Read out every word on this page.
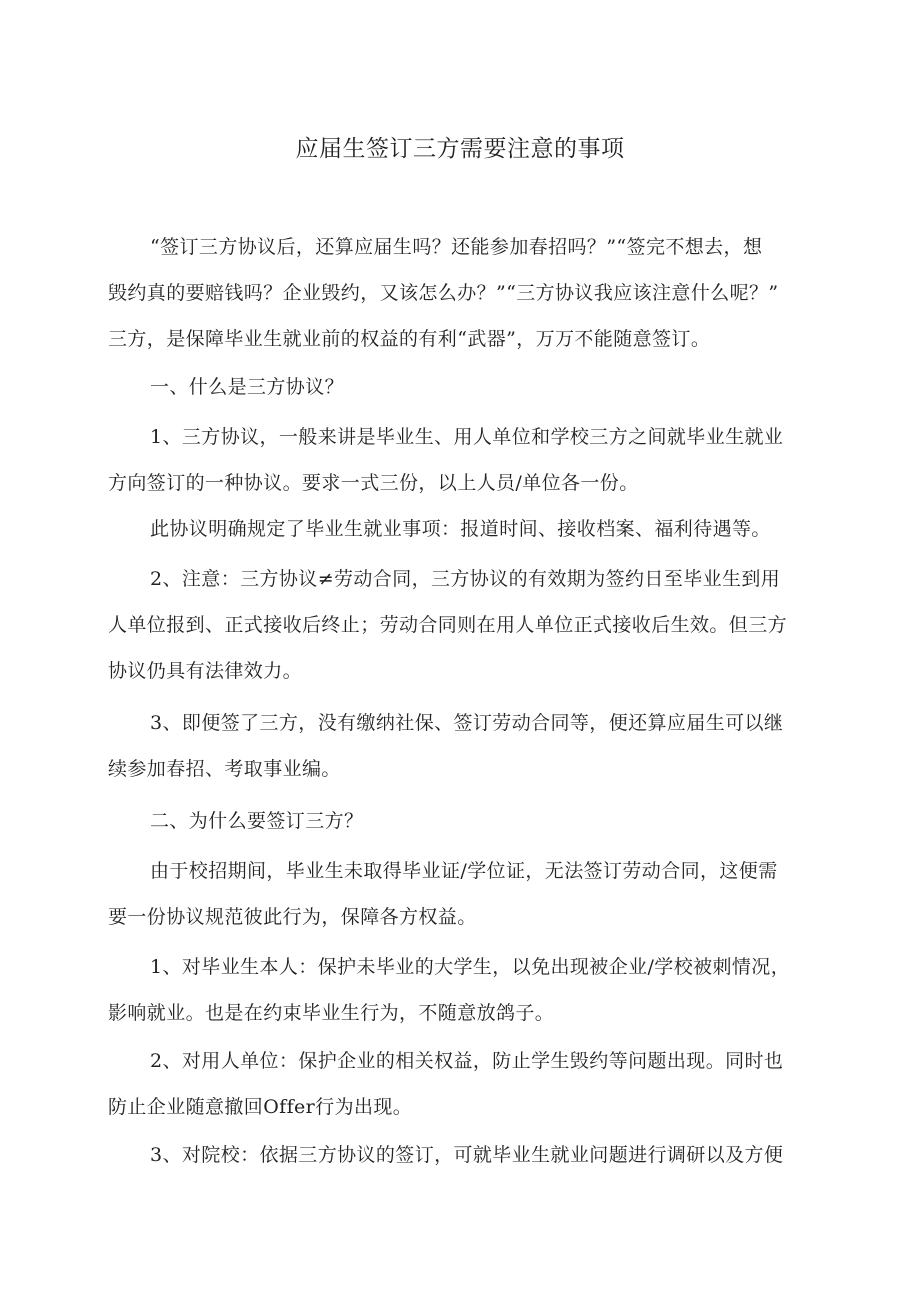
应届生签订三方需要注意的事项
“签订三方协议后，还算应届生吗？还能参加春招吗？”“签完不想去，想
毁约真的要赔钱吗？企业毁约，又该怎么办？”“三方协议我应该注意什么呢？”
三方，是保障毕业生就业前的权益的有利“武器”，万万不能随意签订。
一、什么是三方协议？
1、三方协议，一般来讲是毕业生、用人单位和学校三方之间就毕业生就业
方向签订的一种协议。要求一式三份，以上人员/单位各一份。
此协议明确规定了毕业生就业事项：报道时间、接收档案、福利待遇等。
2、注意：三方协议≠劳动合同，三方协议的有效期为签约日至毕业生到用
人单位报到、正式接收后终止；劳动合同则在用人单位正式接收后生效。但三方
协议仍具有法律效力。
3、即便签了三方，没有缴纳社保、签订劳动合同等，便还算应届生可以继
续参加春招、考取事业编。
二、为什么要签订三方？
由于校招期间，毕业生未取得毕业证/学位证，无法签订劳动合同，这便需
要一份协议规范彼此行为，保障各方权益。
1、对毕业生本人：保护未毕业的大学生，以免出现被企业/学校被刺情况，
影响就业。也是在约束毕业生行为，不随意放鸽子。
2、对用人单位：保护企业的相关权益，防止学生毁约等问题出现。同时也
防止企业随意撤回Offer行为出现。
3、对院校：依据三方协议的签订，可就毕业生就业问题进行调研以及方便
